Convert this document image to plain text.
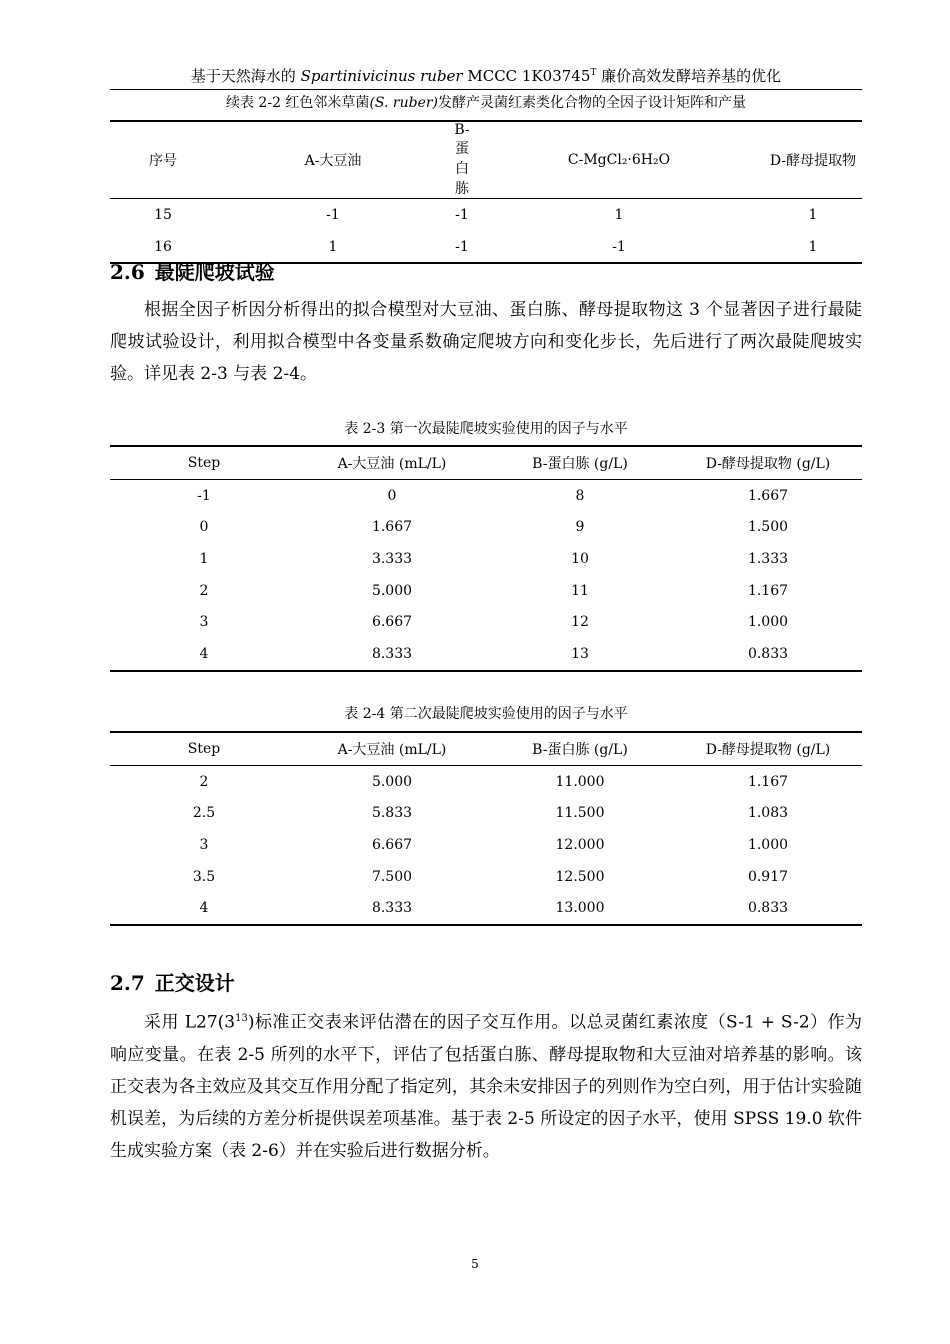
基于天然海水的 Spartinivicinus ruber MCCC $1K03745^T$ 廉价高效发酵培养基的优化
续表 2-2 红色邻米草菌(S. ruber)发酵产灵菌红素类化合物的全因子设计矩阵和产量
序号	A-大豆油	B-蛋白胨	C-MgCl₂·6H₂O	D-酵母提取物
15	-1	-1	1	1
16	1	-1	-1	1
2.6 最陡爬坡试验

根据全因子析因分析得出的拟合模型对大豆油、蛋白胨、酵母提取物这 3 个显著因子进行最陡爬坡试验设计，利用拟合模型中各变量系数确定爬坡方向和变化步长，先后进行了两次最陡爬坡实验。详见表 2-3 与表 2-4。

表 2-3 第一次最陡爬坡实验使用的因子与水平
Step	A-大豆油 (mL/L)	B-蛋白胨 (g/L)	D-酵母提取物 (g/L)
-1	0	8	1.667
0	1.667	9	1.500
1	3.333	10	1.333
2	5.000	11	1.167
3	6.667	12	1.000
4	8.333	13	0.833
表 2-4 第二次最陡爬坡实验使用的因子与水平
Step	A-大豆油 (mL/L)	B-蛋白胨 (g/L)	D-酵母提取物 (g/L)
2	5.000	11.000	1.167
2.5	5.833	11.500	1.083
3	6.667	12.000	1.000
3.5	7.500	12.500	0.917
4	8.333	13.000	0.833
2.7 正交设计

采用 $L27(3^{13})$标准正交表来评估潜在的因子交互作用。以总灵菌红素浓度（S-1 + S-2）作为响应变量。在表 2-5 所列的水平下，评估了包括蛋白胨、酵母提取物和大豆油对培养基的影响。该正交表为各主效应及其交互作用分配了指定列，其余未安排因子的列则作为空白列，用于估计实验随机误差，为后续的方差分析提供误差项基准。基于表 2-5 所设定的因子水平，使用 SPSS 19.0 软件生成实验方案（表 2-6）并在实验后进行数据分析。

5
